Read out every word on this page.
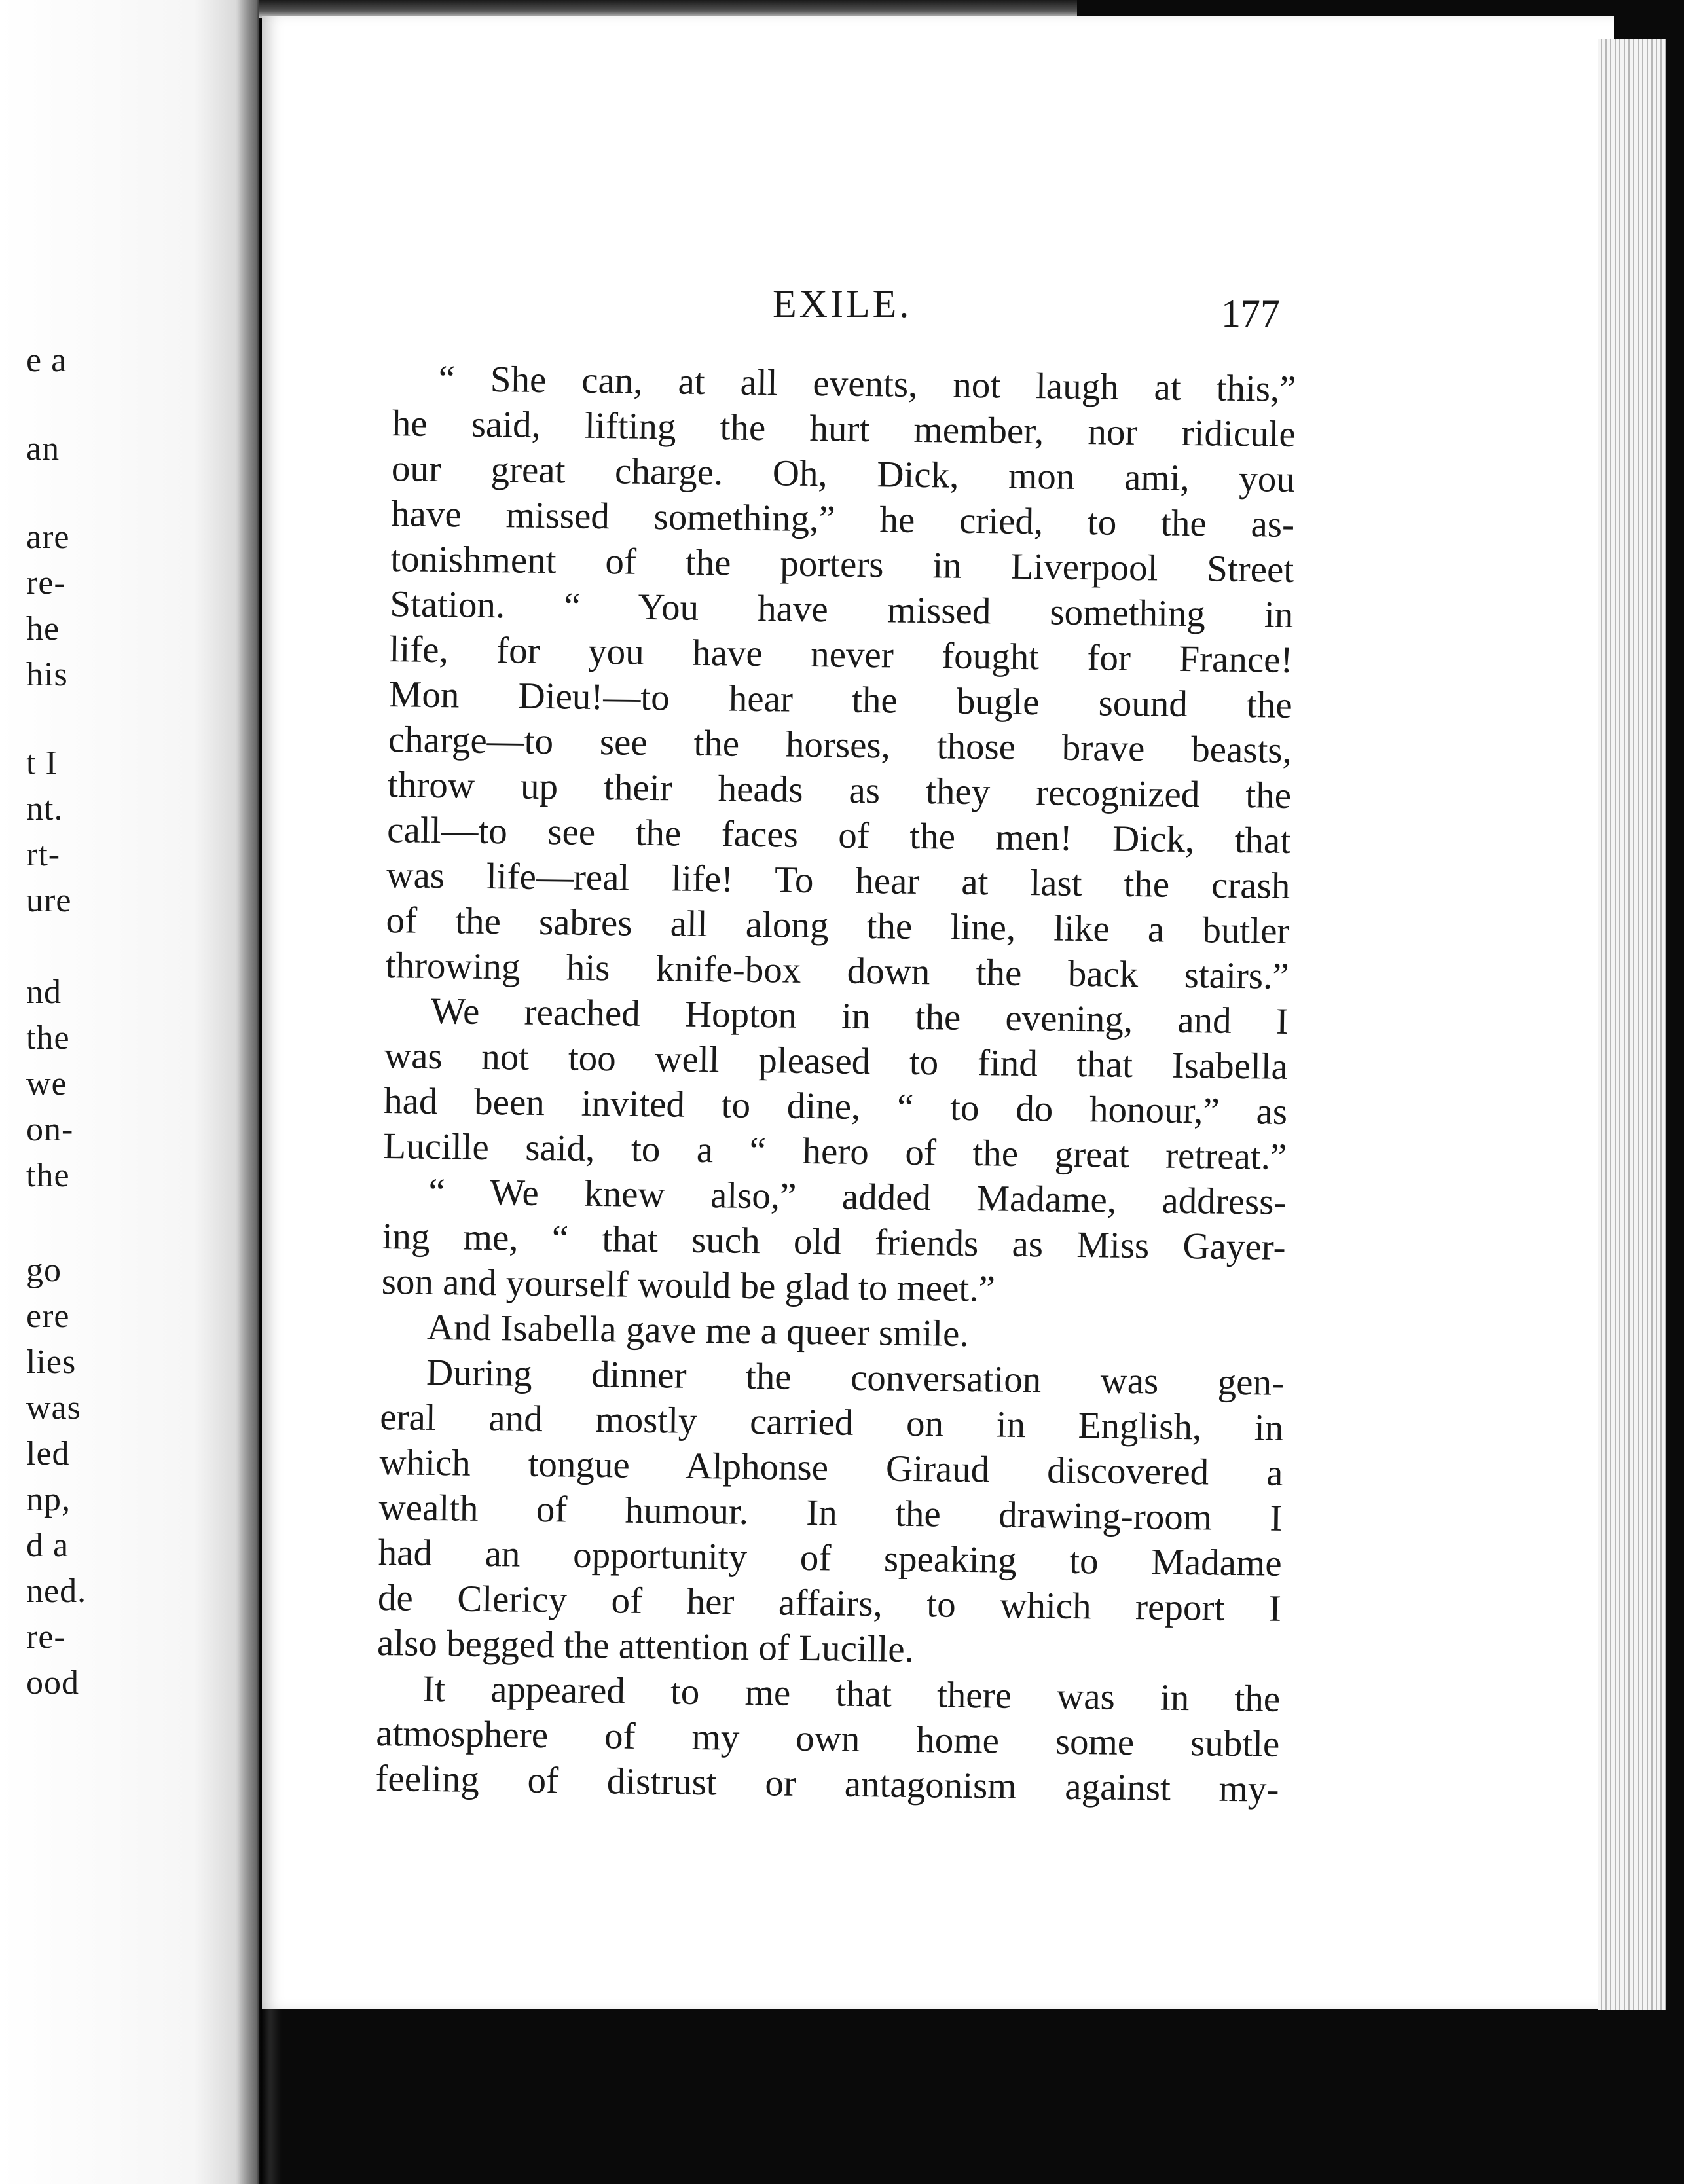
e a
an
are
re-
he
his
t I
nt.
rt-
ure
nd
the
we
on-
the
go
ere
lies
was
led
np,
d a
ned.
re-
ood
EXILE.	177
“ She can, at all events, not laugh at this,”
he said, lifting the hurt member, nor ridicule
our great charge. Oh, Dick, mon ami, you
have missed something,” he cried, to the as-
tonishment of the porters in Liverpool Street
Station. “ You have missed something in
life, for you have never fought for France!
Mon Dieu!—to hear the bugle sound the
charge—to see the horses, those brave beasts,
throw up their heads as they recognized the
call—to see the faces of the men! Dick, that
was life—real life! To hear at last the crash
of the sabres all along the line, like a butler
throwing his knife-box down the back stairs.”
We reached Hopton in the evening, and I
was not too well pleased to find that Isabella
had been invited to dine, “ to do honour,” as
Lucille said, to a “ hero of the great retreat.”
“ We knew also,” added Madame, address-
ing me, “ that such old friends as Miss Gayer-
son and yourself would be glad to meet.”
And Isabella gave me a queer smile.
During dinner the conversation was gen-
eral and mostly carried on in English, in
which tongue Alphonse Giraud discovered a
wealth of humour. In the drawing-room I
had an opportunity of speaking to Madame
de Clericy of her affairs, to which report I
also begged the attention of Lucille.
It appeared to me that there was in the
atmosphere of my own home some subtle
feeling of distrust or antagonism against my-
